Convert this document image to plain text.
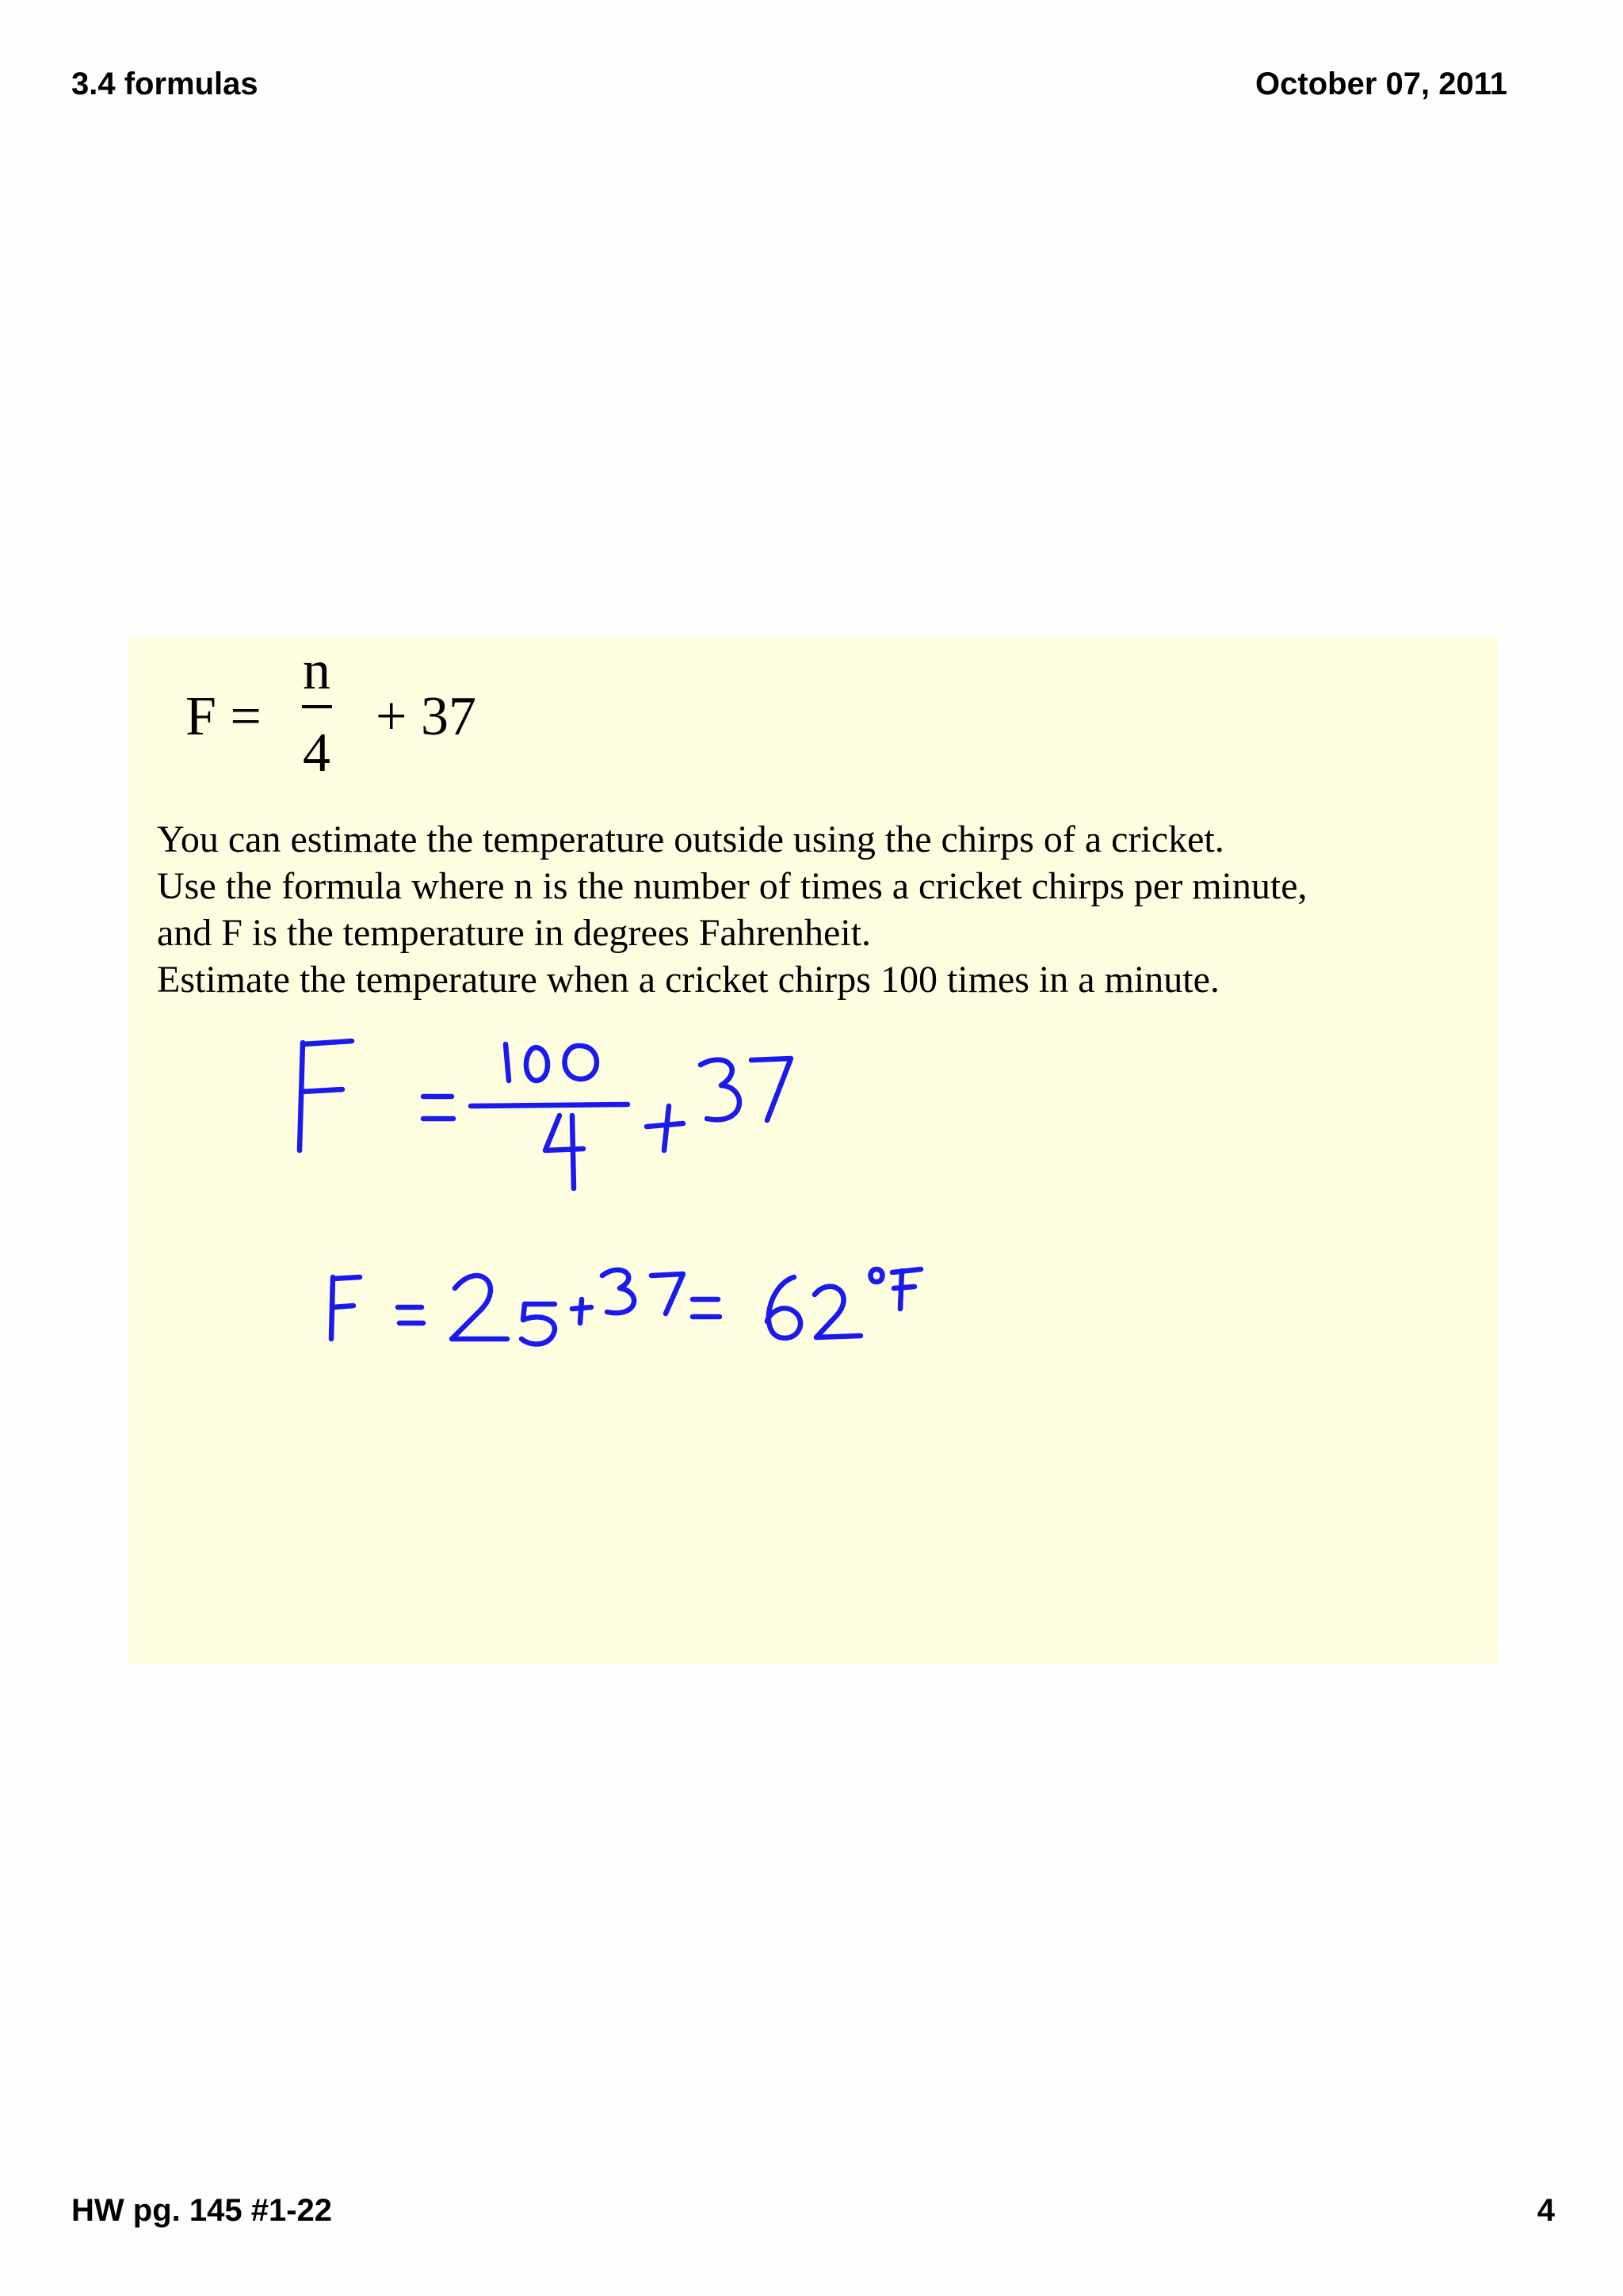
3.4 formulas	October 07, 2011
F =
n
4
+ 37
You can estimate the temperature outside using the chirps of a cricket.
Use the formula where n is the number of times a cricket chirps per minute,
and F is the temperature in degrees Fahrenheit.
Estimate the temperature when a cricket chirps 100 times in a minute.
HW pg. 145 #1-22	4
